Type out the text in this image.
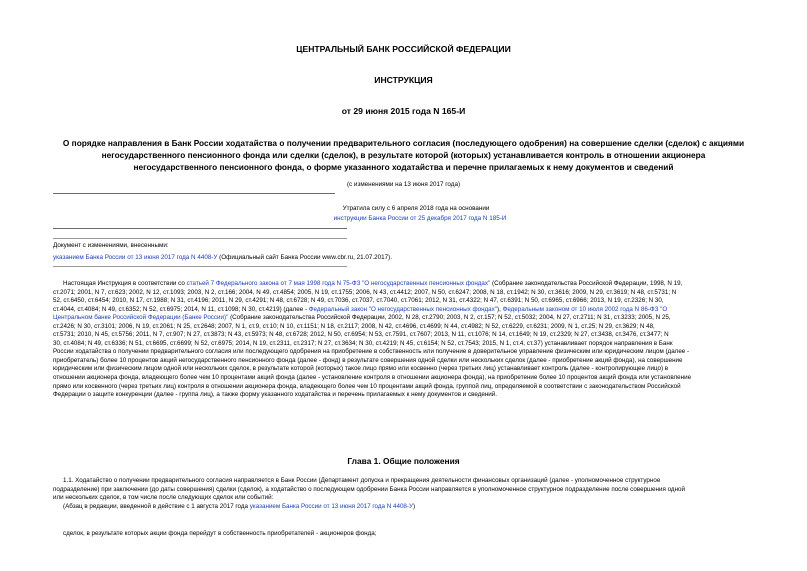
ЦЕНТРАЛЬНЫЙ БАНК РОССИЙСКОЙ ФЕДЕРАЦИИ
ИНСТРУКЦИЯ
от 29 июня 2015 года N 165-И
О порядке направления в Банк России ходатайства о получении предварительного согласия (последующего одобрения) на совершение сделки (сделок) с акциями
негосударственного пенсионного фонда или сделки (сделок), в результате которой (которых) устанавливается контроль в отношении акционера
негосударственного пенсионного фонда, о форме указанного ходатайства и перечне прилагаемых к нему документов и сведений
(с изменениями на 13 июня 2017 года)
Утратила силу с 6 апреля 2018 года на основании
инструкции Банка России от 25 декабря 2017 года N 185-И
Документ с изменениями, внесенными:
указанием Банка России от 13 июня 2017 года N 4408-У (Официальный сайт Банка России www.cbr.ru, 21.07.2017).
Настоящая Инструкция в соответствии со статьей 7 Федерального закона от 7 мая 1998 года N 75-ФЗ "О негосударственных пенсионных фондах" (Собрание законодательства Российской Федерации, 1998, N 19,
ст.2071; 2001, N 7, ст.623; 2002, N 12, ст.1093; 2003, N 2, ст.166; 2004, N 49, ст.4854; 2005, N 19, ст.1755; 2006, N 43, ст.4412; 2007, N 50, ст.6247; 2008, N 18, ст.1942; N 30, ст.3616; 2009, N 29, ст.3619; N 48, ст.5731; N
52, ст.6450, ст.6454; 2010, N 17, ст.1988; N 31, ст.4196; 2011, N 29, ст.4291; N 48, ст.6728; N 49, ст.7036, ст.7037, ст.7040, ст.7061; 2012, N 31, ст.4322; N 47, ст.6391; N 50, ст.6965, ст.6966; 2013, N 19, ст.2326; N 30,
ст.4044, ст.4084; N 49, ст.6352; N 52, ст.6975; 2014, N 11, ст.1098; N 30, ст.4219) (далее - Федеральный закон "О негосударственных пенсионных фондах"), Федеральным законом от 10 июля 2002 года N 86-ФЗ "О
Центральном банке Российской Федерации (Банке России)" (Собрание законодательства Российской Федерации, 2002, N 28, ст.2790; 2003, N 2, ст.157; N 52, ст.5032; 2004, N 27, ст.2711; N 31, ст.3233; 2005, N 25,
ст.2426; N 30, ст.3101; 2006, N 19, ст.2061; N 25, ст.2648; 2007, N 1, ст.9, ст.10; N 10, ст.1151; N 18, ст.2117; 2008, N 42, ст.4696, ст.4699; N 44, ст.4982; N 52, ст.6229, ст.6231; 2009, N 1, ст.25; N 29, ст.3629; N 48,
ст.5731; 2010, N 45, ст.5756; 2011, N 7, ст.907; N 27, ст.3873; N 43, ст.5973; N 48, ст.6728; 2012, N 50, ст.6954; N 53, ст.7591, ст.7607; 2013, N 11, ст.1076; N 14, ст.1649; N 19, ст.2329; N 27, ст.3438, ст.3476, ст.3477; N
30, ст.4084; N 49, ст.6336; N 51, ст.6695, ст.6699; N 52, ст.6975; 2014, N 19, ст.2311, ст.2317; N 27, ст.3634; N 30, ст.4219; N 45, ст.6154; N 52, ст.7543; 2015, N 1, ст.4, ст.37) устанавливает порядок направления в Банк
России ходатайства о получении предварительного согласия или последующего одобрения на приобретение в собственность или получение в доверительное управление физическим или юридическим лицом (далее -
приобретатель) более 10 процентов акций негосударственного пенсионного фонда (далее - фонд) в результате совершения одной сделки или нескольких сделок (далее - приобретение акций фонда), на совершение
юридическим или физическим лицом одной или нескольких сделок, в результате которой (которых) такое лицо прямо или косвенно (через третьих лиц) устанавливает контроль (далее - контролирующее лицо) в
отношении акционера фонда, владеющего более чем 10 процентами акций фонда (далее - установление контроля в отношении акционера фонда), на приобретение более 10 процентов акций фонда или установление
прямо или косвенного (через третьих лиц) контроля в отношении акционера фонда, владеющего более чем 10 процентами акций фонда, группой лиц, определяемой в соответствии с законодательством Российской
Федерации о защите конкуренции (далее - группа лиц), а также форму указанного ходатайства и перечень прилагаемых к нему документов и сведений.
Глава 1. Общие положения
1.1. Ходатайство о получении предварительного согласия направляется в Банк России (Департамент допуска и прекращения деятельности финансовых организаций (далее - уполномоченное структурное
подразделение) при заключении (до даты совершения) сделки (сделок), а ходатайство о последующем одобрении Банка России направляется в уполномоченное структурное подразделение после совершения одной
или нескольких сделок, в том числе после следующих сделок или событий:
(Абзац в редакции, введенной в действие с 1 августа 2017 года указанием Банка России от 13 июня 2017 года N 4408-У)
сделок, в результате которых акции фонда перейдут в собственность приобретателей - акционеров фонда;
